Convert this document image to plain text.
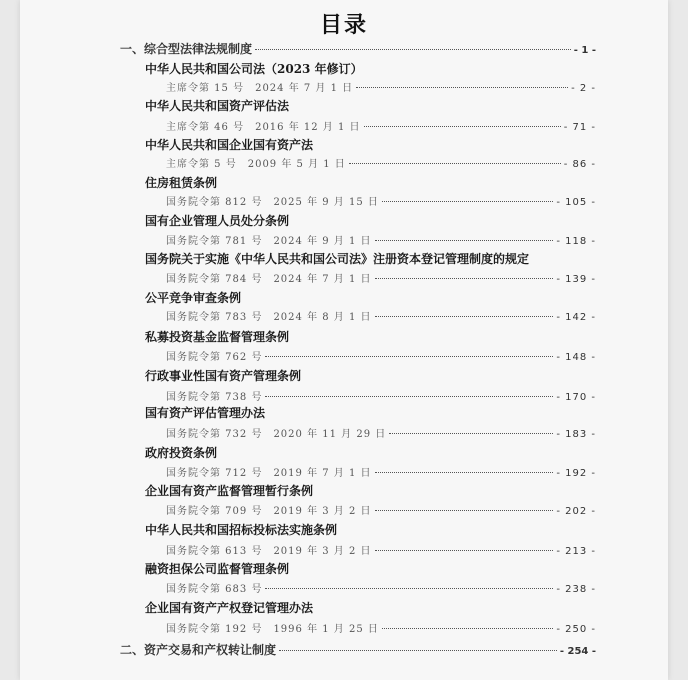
目录
一、综合型法律法规制度	- 1 -
中华人民共和国公司法（2023 年修订）
主席令第 15 号　2024 年 7 月 1 日	- 2 -
中华人民共和国资产评估法
主席令第 46 号　2016 年 12 月 1 日	- 71 -
中华人民共和国企业国有资产法
主席令第 5 号　2009 年 5 月 1 日	- 86 -
住房租赁条例
国务院令第 812 号　2025 年 9 月 15 日	- 105 -
国有企业管理人员处分条例
国务院令第 781 号　2024 年 9 月 1 日	- 118 -
国务院关于实施《中华人民共和国公司法》注册资本登记管理制度的规定
国务院令第 784 号　2024 年 7 月 1 日	- 139 -
公平竞争审查条例
国务院令第 783 号　2024 年 8 月 1 日	- 142 -
私募投资基金监督管理条例
国务院令第 762 号	- 148 -
行政事业性国有资产管理条例
国务院令第 738 号	- 170 -
国有资产评估管理办法
国务院令第 732 号　2020 年 11 月 29 日	- 183 -
政府投资条例
国务院令第 712 号　2019 年 7 月 1 日	- 192 -
企业国有资产监督管理暂行条例
国务院令第 709 号　2019 年 3 月 2 日	- 202 -
中华人民共和国招标投标法实施条例
国务院令第 613 号　2019 年 3 月 2 日	- 213 -
融资担保公司监督管理条例
国务院令第 683 号	- 238 -
企业国有资产产权登记管理办法
国务院令第 192 号　1996 年 1 月 25 日	- 250 -
二、资产交易和产权转让制度	- 254 -
